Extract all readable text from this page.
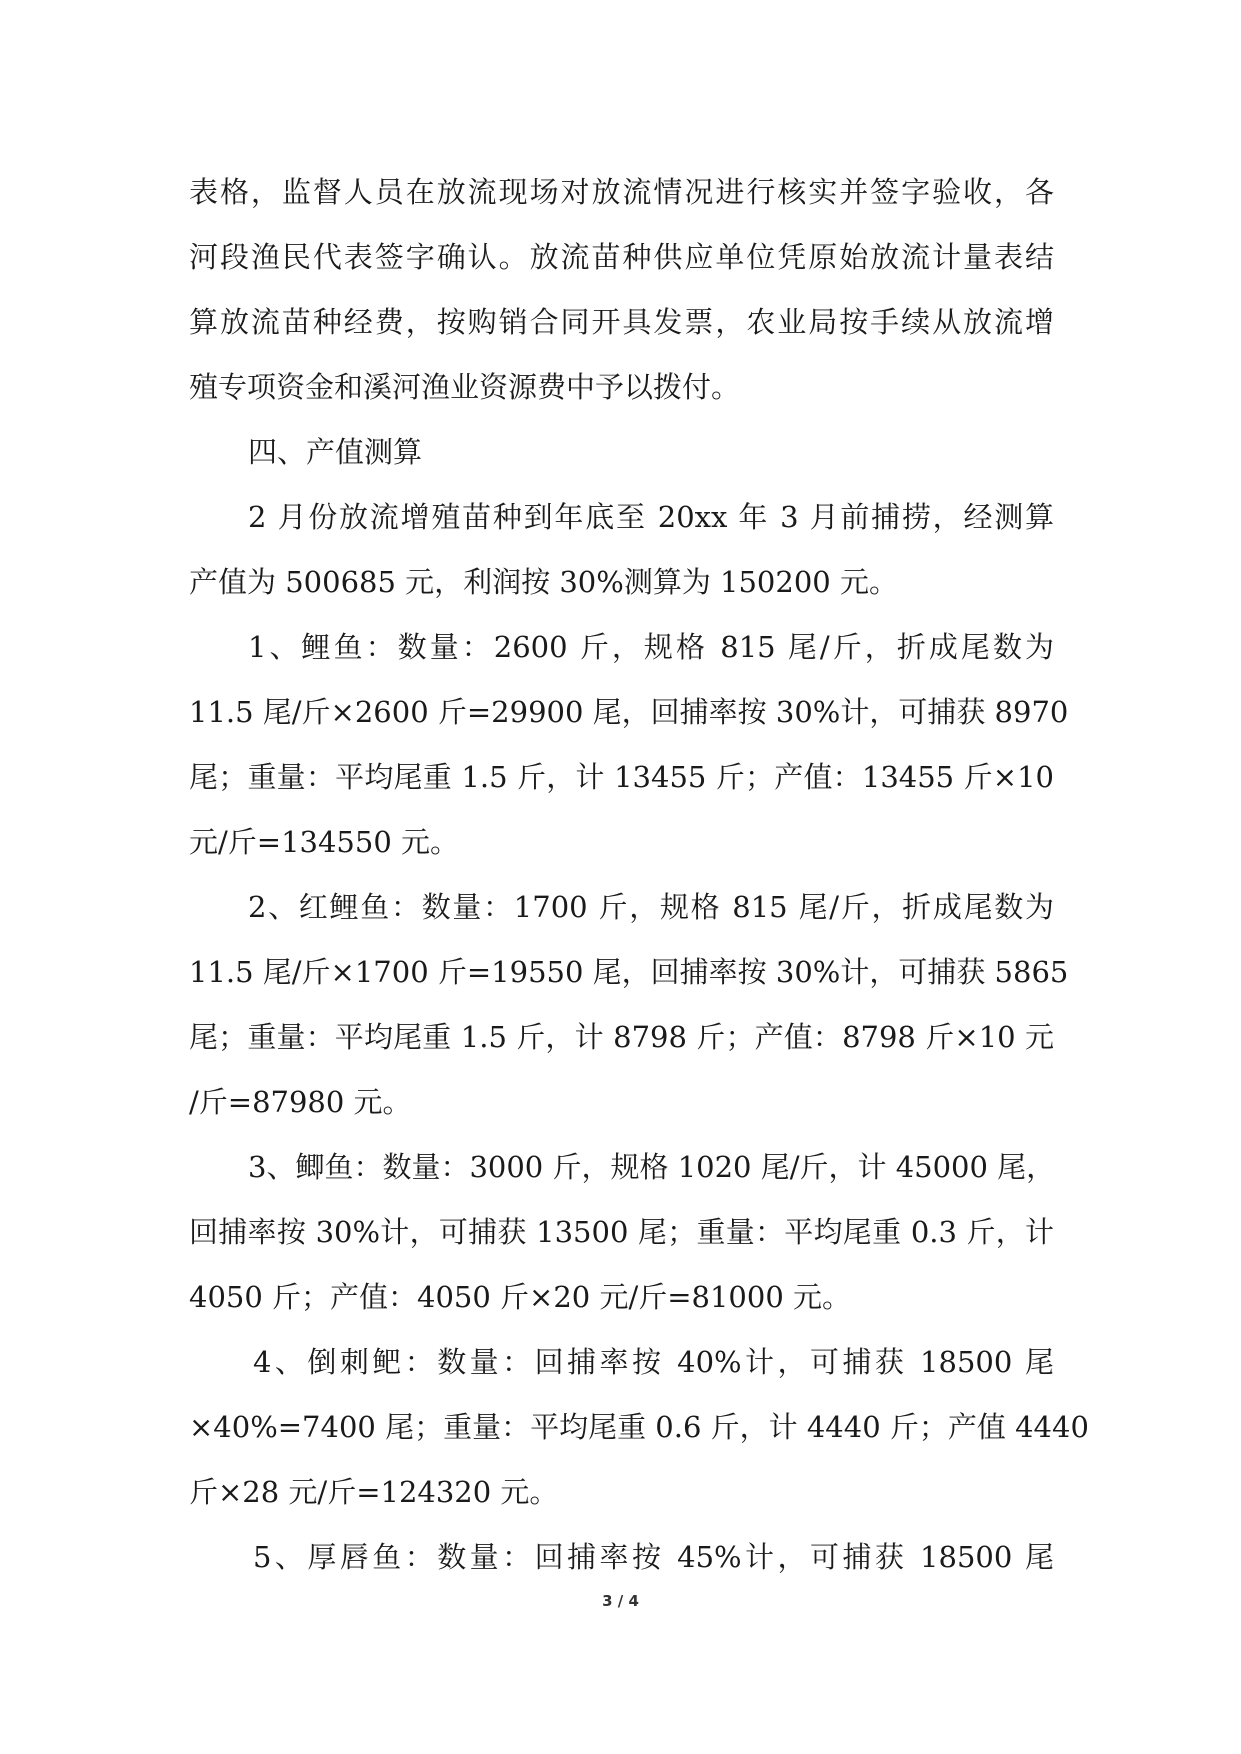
表格，监督人员在放流现场对放流情况进行核实并签字验收，各
河段渔民代表签字确认。放流苗种供应单位凭原始放流计量表结
算放流苗种经费，按购销合同开具发票，农业局按手续从放流增
殖专项资金和溪河渔业资源费中予以拨付。
四、产值测算
2 月份放流增殖苗种到年底至 20xx 年 3 月前捕捞，经测算
产值为 500685 元，利润按 30%测算为 150200 元。
1、鲤鱼：数量：2600 斤，规格 815 尾/斤，折成尾数为
11.5 尾/斤×2600 斤=29900 尾，回捕率按 30%计，可捕获 8970
尾；重量：平均尾重 1.5 斤，计 13455 斤；产值：13455 斤×10
元/斤=134550 元。
2、红鲤鱼：数量：1700 斤，规格 815 尾/斤，折成尾数为
11.5 尾/斤×1700 斤=19550 尾，回捕率按 30%计，可捕获 5865
尾；重量：平均尾重 1.5 斤，计 8798 斤；产值：8798 斤×10 元
/斤=87980 元。
3、鲫鱼：数量：3000 斤，规格 1020 尾/斤，计 45000 尾，
回捕率按 30%计，可捕获 13500 尾；重量：平均尾重 0.3 斤，计
4050 斤；产值：4050 斤×20 元/斤=81000 元。
4、倒刺鲃：数量：回捕率按 40%计，可捕获 18500 尾
×40%=7400 尾；重量：平均尾重 0.6 斤，计 4440 斤；产值 4440
斤×28 元/斤=124320 元。
5、厚唇鱼：数量：回捕率按 45%计，可捕获 18500 尾
3 / 4
